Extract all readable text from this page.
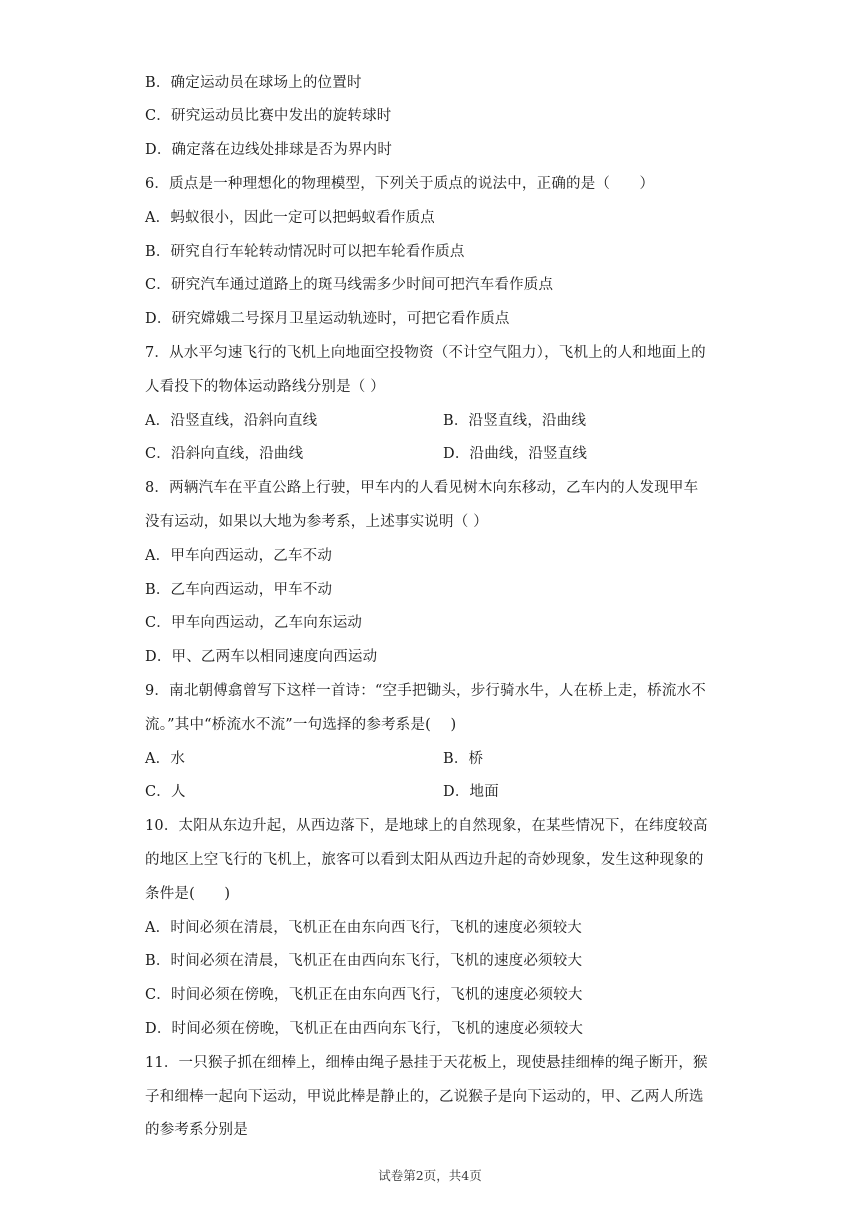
B．确定运动员在球场上的位置时
C．研究运动员比赛中发出的旋转球时
D．确定落在边线处排球是否为界内时
6．质点是一种理想化的物理模型，下列关于质点的说法中，正确的是（　　）
A．蚂蚁很小，因此一定可以把蚂蚁看作质点
B．研究自行车轮转动情况时可以把车轮看作质点
C．研究汽车通过道路上的斑马线需多少时间可把汽车看作质点
D．研究嫦娥二号探月卫星运动轨迹时，可把它看作质点
7．从水平匀速飞行的飞机上向地面空投物资（不计空气阻力），飞机上的人和地面上的
人看投下的物体运动路线分别是（ ）
A．沿竖直线，沿斜向直线	B．沿竖直线，沿曲线
C．沿斜向直线，沿曲线	D．沿曲线，沿竖直线
8．两辆汽车在平直公路上行驶，甲车内的人看见树木向东移动，乙车内的人发现甲车
没有运动，如果以大地为参考系，上述事实说明（ ）
A．甲车向西运动，乙车不动
B．乙车向西运动，甲车不动
C．甲车向西运动，乙车向东运动
D．甲、乙两车以相同速度向西运动
9．南北朝傅翕曾写下这样一首诗：“空手把锄头，步行骑水牛，人在桥上走，桥流水不
流。”其中“桥流水不流”一句选择的参考系是(　 )
A．水	B．桥
C．人	D．地面
10．太阳从东边升起，从西边落下，是地球上的自然现象，在某些情况下，在纬度较高
的地区上空飞行的飞机上，旅客可以看到太阳从西边升起的奇妙现象，发生这种现象的
条件是(　　)
A．时间必须在清晨，飞机正在由东向西飞行，飞机的速度必须较大
B．时间必须在清晨，飞机正在由西向东飞行，飞机的速度必须较大
C．时间必须在傍晚，飞机正在由东向西飞行，飞机的速度必须较大
D．时间必须在傍晚，飞机正在由西向东飞行，飞机的速度必须较大
11．一只猴子抓在细棒上，细棒由绳子悬挂于天花板上，现使悬挂细棒的绳子断开，猴
子和细棒一起向下运动，甲说此棒是静止的，乙说猴子是向下运动的，甲、乙两人所选
的参考系分别是
试卷第2页，共4页
